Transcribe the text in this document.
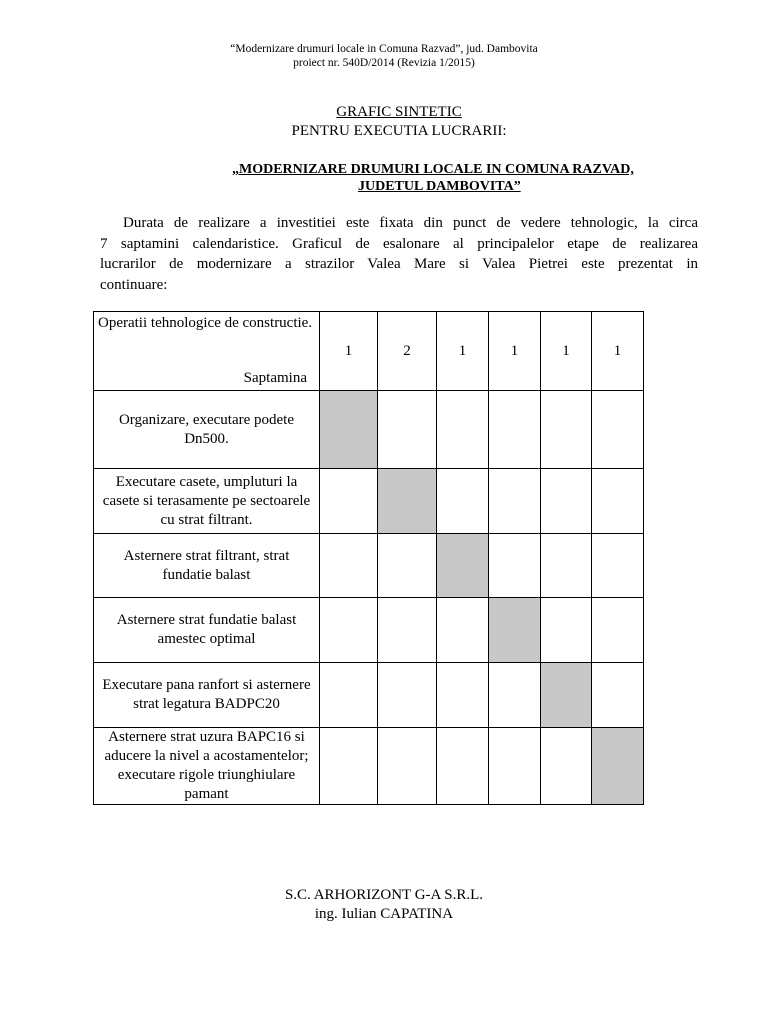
“Modernizare drumuri locale in Comuna Razvad”, jud. Dambovita
proiect nr. 540D/2014 (Revizia 1/2015)
GRAFIC SINTETIC
PENTRU EXECUTIA LUCRARII:
„MODERNIZARE DRUMURI LOCALE IN COMUNA RAZVAD,
JUDETUL DAMBOVITA”
Durata de realizare a investitiei este fixata din punct de vedere tehnologic, la circa
7 saptamini calendaristice. Graficul de esalonare al principalelor etape de realizarea
lucrarilor de modernizare a strazilor Valea Mare si Valea Pietrei este prezentat in
continuare:
Operatii tehnologice de constructie.
Saptamina	1	2	1	1	1	1
Organizare, executare podete Dn500.						
Executare casete, umpluturi la casete si terasamente pe sectoarele cu strat filtrant.						
Asternere strat filtrant, strat fundatie balast						
Asternere strat fundatie balast amestec optimal						
Executare pana ranfort si asternere strat legatura BADPC20						
Asternere strat uzura BAPC16 si aducere la nivel a acostamentelor; executare rigole triunghiulare pamant						
S.C. ARHORIZONT G-A S.R.L.
ing. Iulian CAPATINA
